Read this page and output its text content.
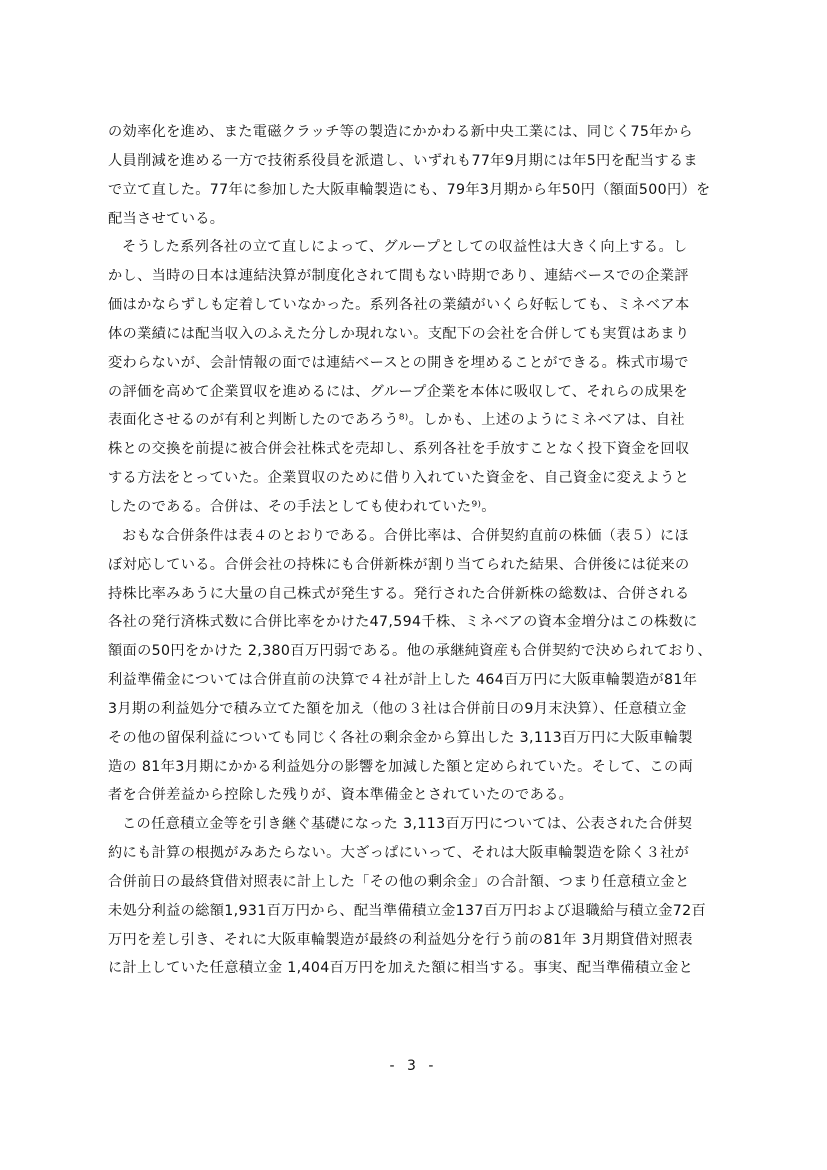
の効率化を進め、また電磁クラッチ等の製造にかかわる新中央工業には、同じく75年から
人員削減を進める一方で技術系役員を派遣し、いずれも77年9月期には年5円を配当するま
で立て直した。77年に参加した大阪車輪製造にも、79年3月期から年50円（額面500円）を
配当させている。
そうした系列各社の立て直しによって、グループとしての収益性は大きく向上する。し
かし、当時の日本は連結決算が制度化されて間もない時期であり、連結ベースでの企業評
価はかならずしも定着していなかった。系列各社の業績がいくら好転しても、ミネベア本
体の業績には配当収入のふえた分しか現れない。支配下の会社を合併しても実質はあまり
変わらないが、会計情報の面では連結ベースとの開きを埋めることができる。株式市場で
の評価を高めて企業買収を進めるには、グループ企業を本体に吸収して、それらの成果を
表面化させるのが有利と判断したのであろう⁸⁾。しかも、上述のようにミネベアは、自社
株との交換を前提に被合併会社株式を売却し、系列各社を手放すことなく投下資金を回収
する方法をとっていた。企業買収のために借り入れていた資金を、自己資金に変えようと
したのである。合併は、その手法としても使われていた⁹⁾。
おもな合併条件は表４のとおりである。合併比率は、合併契約直前の株価（表５）にほ
ぼ対応している。合併会社の持株にも合併新株が割り当てられた結果、合併後には従来の
持株比率みあうに大量の自己株式が発生する。発行された合併新株の総数は、合併される
各社の発行済株式数に合併比率をかけた47,594千株、ミネベアの資本金増分はこの株数に
額面の50円をかけた 2,380百万円弱である。他の承継純資産も合併契約で決められており、
利益準備金については合併直前の決算で４社が計上した 464百万円に大阪車輪製造が81年
3月期の利益処分で積み立てた額を加え（他の３社は合併前日の9月末決算）、任意積立金
その他の留保利益についても同じく各社の剰余金から算出した 3,113百万円に大阪車輪製
造の 81年3月期にかかる利益処分の影響を加減した額と定められていた。そして、この両
者を合併差益から控除した残りが、資本準備金とされていたのである。
この任意積立金等を引き継ぐ基礎になった 3,113百万円については、公表された合併契
約にも計算の根拠がみあたらない。大ざっぱにいって、それは大阪車輪製造を除く３社が
合併前日の最終貸借対照表に計上した「その他の剰余金」の合計額、つまり任意積立金と
未処分利益の総額1,931百万円から、配当準備積立金137百万円および退職給与積立金72百
万円を差し引き、それに大阪車輪製造が最終の利益処分を行う前の81年 3月期貸借対照表
に計上していた任意積立金 1,404百万円を加えた額に相当する。事実、配当準備積立金と
- 3 -
